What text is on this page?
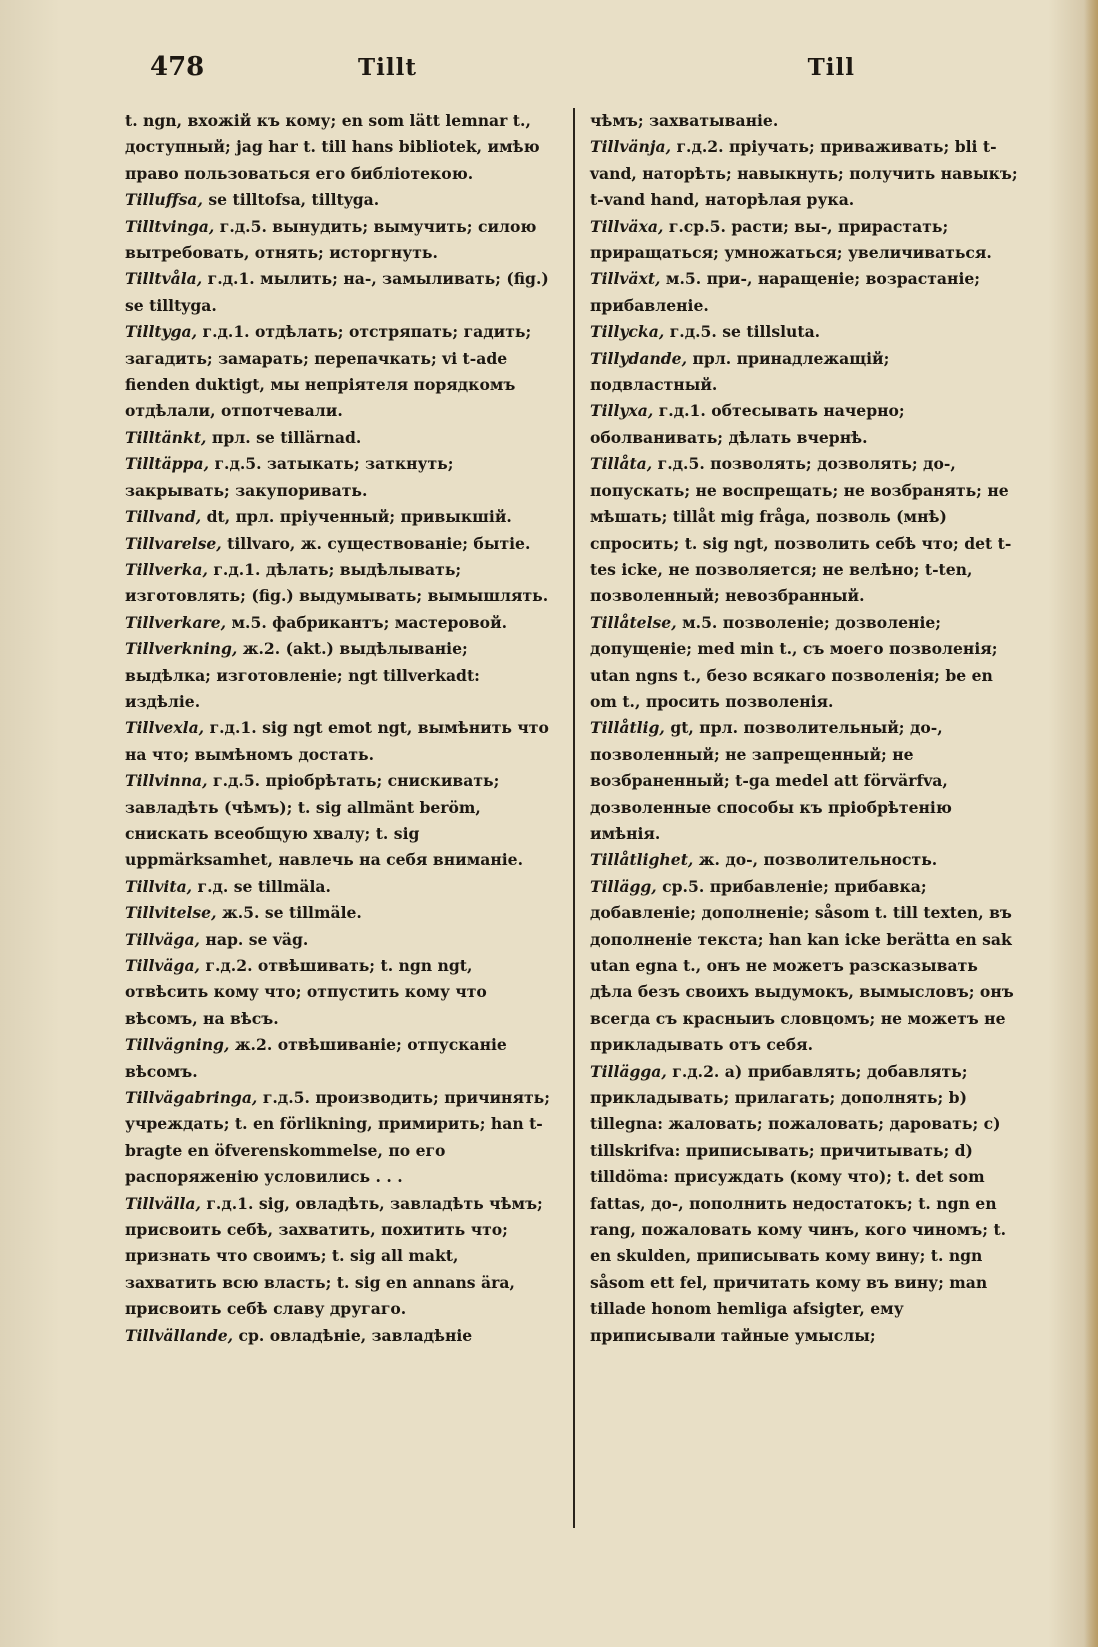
478	Tillt	Till

t. ngn, вхожій къ кому; en som lätt lemnar t., доступный; jag har t. till hans bibliotek, имѣю право пользоваться его библіотекою.

Tilluffsa, se tilltofsa, tilltyga.

Tilltvinga, г.д.5. вынудить; вымучить; силою вытребовать, отнять; исторгнуть.

Tilltvåla, г.д.1. мылить; на-, замыливать; (fig.) se tilltyga.

Tilltyga, г.д.1. отдѣлать; отстряпать; гадить; загадить; замарать; перепачкать; vi t-ade fienden duktigt, мы непріятеля порядкомъ отдѣлали, отпотчевали.

Tilltänkt, прл. se tillärnad.

Tilltäppa, г.д.5. затыкать; заткнуть; закрывать; закупоривать.

Tillvand, dt, прл. пріученный; привыкшій.

Tillvarelse, tillvaro, ж. существованіе; бытіе.

Tillverka, г.д.1. дѣлать; выдѣлывать; изготовлять; (fig.) выдумывать; вымышлять.

Tillverkare, м.5. фабрикантъ; мастеровой.

Tillverkning, ж.2. (akt.) выдѣлываніе; выдѣлка; изготовленіе; ngt tillverkadt: издѣліе.

Tillvexla, г.д.1. sig ngt emot ngt, вымѣнить что на что; вымѣномъ достать.

Tillvinna, г.д.5. пріобрѣтать; снискивать; завладѣть (чѣмъ); t. sig allmänt beröm, снискать всеобщую хвалу; t. sig uppmärksamhet, навлечь на себя вниманіе.

Tillvita, г.д. se tillmäla.

Tillvitelse, ж.5. se tillmäle.

Tillväga, нар. se väg.

Tillväga, г.д.2. отвѣшивать; t. ngn ngt, отвѣсить кому что; отпустить кому что вѣсомъ, на вѣсъ.

Tillvägning, ж.2. отвѣшиваніе; отпусканіе вѣсомъ.

Tillvägabringa, г.д.5. производить; причинять; учреждать; t. en förlikning, примирить; han t-bragte en öfverenskommelse, по его распоряженію условились . . .

Tillvälla, г.д.1. sig, овладѣть, завладѣть чѣмъ; присвоить себѣ, захватить, похитить что; признать что своимъ; t. sig all makt, захватить всю власть; t. sig en annans ära, присвоить себѣ славу другаго.

Tillvällande, ср. овладѣніе, завладѣніе

чѣмъ; захватываніе.

Tillvänja, г.д.2. пріучать; приваживать; bli t-vand, наторѣть; навыкнуть; получить навыкъ; t-vand hand, наторѣлая рука.

Tillväxa, г.ср.5. расти; вы-, прирастать; приращаться; умножаться; увеличиваться.

Tillväxt, м.5. при-, наращеніе; возрастаніе; прибавленіе.

Tillycka, г.д.5. se tillsluta.

Tillydande, прл. принадлежащій; подвластный.

Tillyxa, г.д.1. обтесывать начерно; оболванивать; дѣлать вчернѣ.

Tillåta, г.д.5. позволять; дозволять; до-, попускать; не воспрещать; не возбранять; не мѣшать; tillåt mig fråga, позволь (мнѣ) спросить; t. sig ngt, позволить себѣ что; det t-tes icke, не позволяется; не велѣно; t-ten, позволенный; невозбранный.

Tillåtelse, м.5. позволеніе; дозволеніе; допущеніе; med min t., съ моего позволенія; utan ngns t., безо всякаго позволенія; be en om t., просить позволенія.

Tillåtlig, gt, прл. позволительный; до-, позволенный; не запрещенный; не возбраненный; t-ga medel att förvärfva, дозволенные способы къ пріобрѣтенію имѣнія.

Tillåtlighet, ж. до-, позволительность.

Tillägg, ср.5. прибавленіе; прибавка; добавленіе; дополненіе; såsom t. till texten, въ дополненіе текста; han kan icke berätta en sak utan egna t., онъ не можетъ разсказывать дѣла безъ своихъ выдумокъ, вымысловъ; онъ всегда съ красныиъ словцомъ; не можетъ не прикладывать отъ себя.

Tillägga, г.д.2. a) прибавлять; добавлять; прикладывать; прилагать; дополнять; b) tillegna: жаловать; пожаловать; даровать; c) tillskrifva: приписывать; причитывать; d) tilldöma: присуждать (кому что); t. det som fattas, до-, пополнить недостатокъ; t. ngn en rang, пожаловать кому чинъ, кого чиномъ; t. en skulden, приписывать кому вину; t. ngn såsom ett fel, причитать кому въ вину; man tillade honom hemliga afsigter, ему приписывали тайные умыслы;
